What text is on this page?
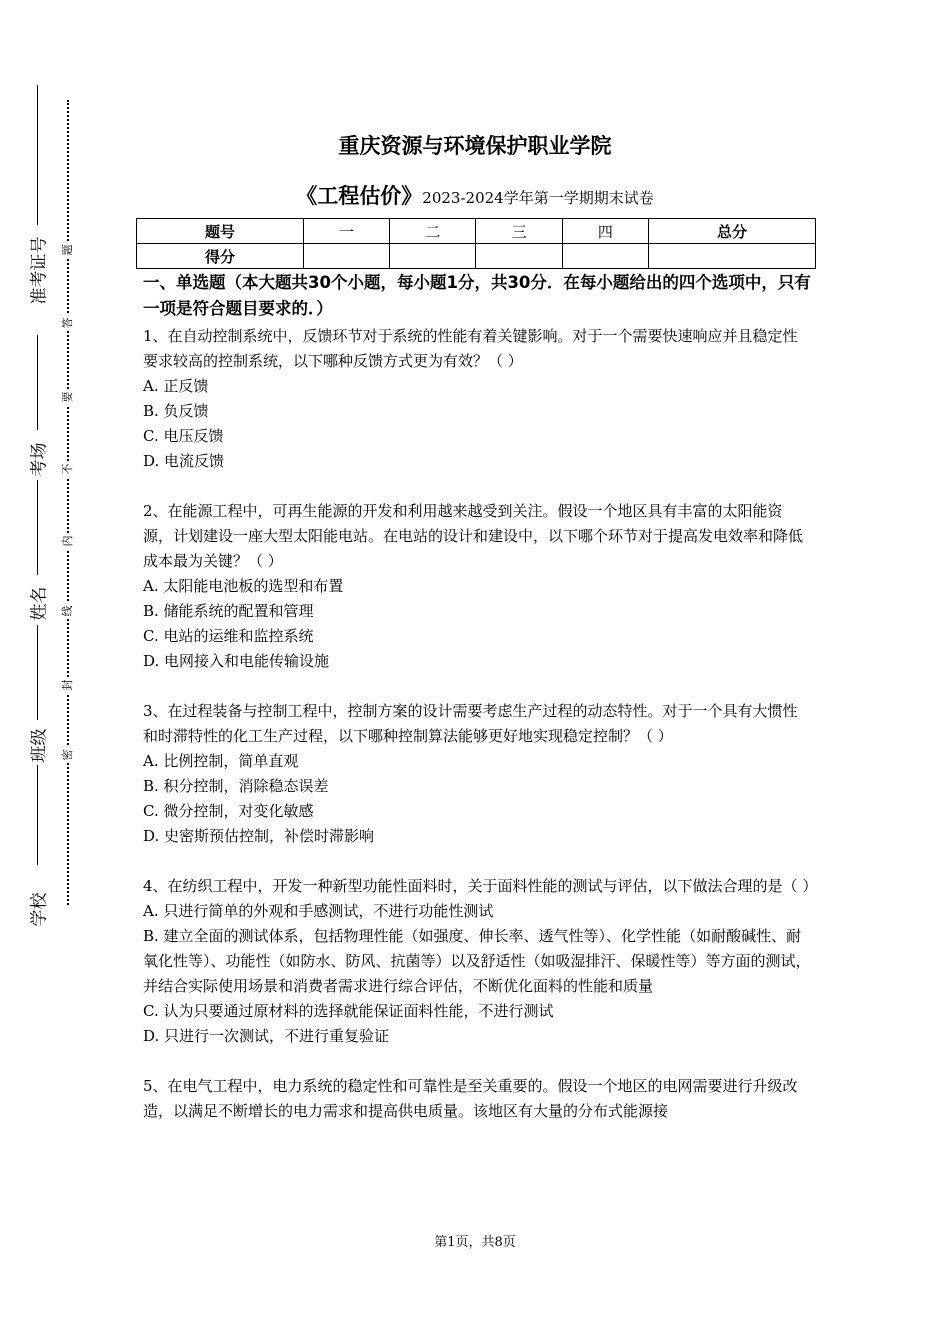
准考证号
考场
姓名
班级
学校
题
答
要
不
内
线
封
密
重庆资源与环境保护职业学院
《工程估价》2023-2024学年第一学期期末试卷
题号	一	二	三	四	总分
得分					
一、单选题（本大题共30个小题，每小题1分，共30分．在每小题给出的四个选项中，只有一项是符合题目要求的．）

1、在自动控制系统中，反馈环节对于系统的性能有着关键影响。对于一个需要快速响应并且稳定性要求较高的控制系统，以下哪种反馈方式更为有效？（ ）

A. 正反馈

B. 负反馈

C. 电压反馈

D. 电流反馈

2、在能源工程中，可再生能源的开发和利用越来越受到关注。假设一个地区具有丰富的太阳能资源，计划建设一座大型太阳能电站。在电站的设计和建设中，以下哪个环节对于提高发电效率和降低成本最为关键？（ ）

A. 太阳能电池板的选型和布置

B. 储能系统的配置和管理

C. 电站的运维和监控系统

D. 电网接入和电能传输设施

3、在过程装备与控制工程中，控制方案的设计需要考虑生产过程的动态特性。对于一个具有大惯性和时滞特性的化工生产过程，以下哪种控制算法能够更好地实现稳定控制？（ ）

A. 比例控制，简单直观

B. 积分控制，消除稳态误差

C. 微分控制，对变化敏感

D. 史密斯预估控制，补偿时滞影响

4、在纺织工程中，开发一种新型功能性面料时，关于面料性能的测试与评估，以下做法合理的是（ ）

A. 只进行简单的外观和手感测试，不进行功能性测试

B. 建立全面的测试体系，包括物理性能（如强度、伸长率、透气性等）、化学性能（如耐酸碱性、耐氧化性等）、功能性（如防水、防风、抗菌等）以及舒适性（如吸湿排汗、保暖性等）等方面的测试，并结合实际使用场景和消费者需求进行综合评估，不断优化面料的性能和质量

C. 认为只要通过原材料的选择就能保证面料性能，不进行测试

D. 只进行一次测试，不进行重复验证

5、在电气工程中，电力系统的稳定性和可靠性是至关重要的。假设一个地区的电网需要进行升级改造，以满足不断增长的电力需求和提高供电质量。该地区有大量的分布式能源接

第1页，共8页
